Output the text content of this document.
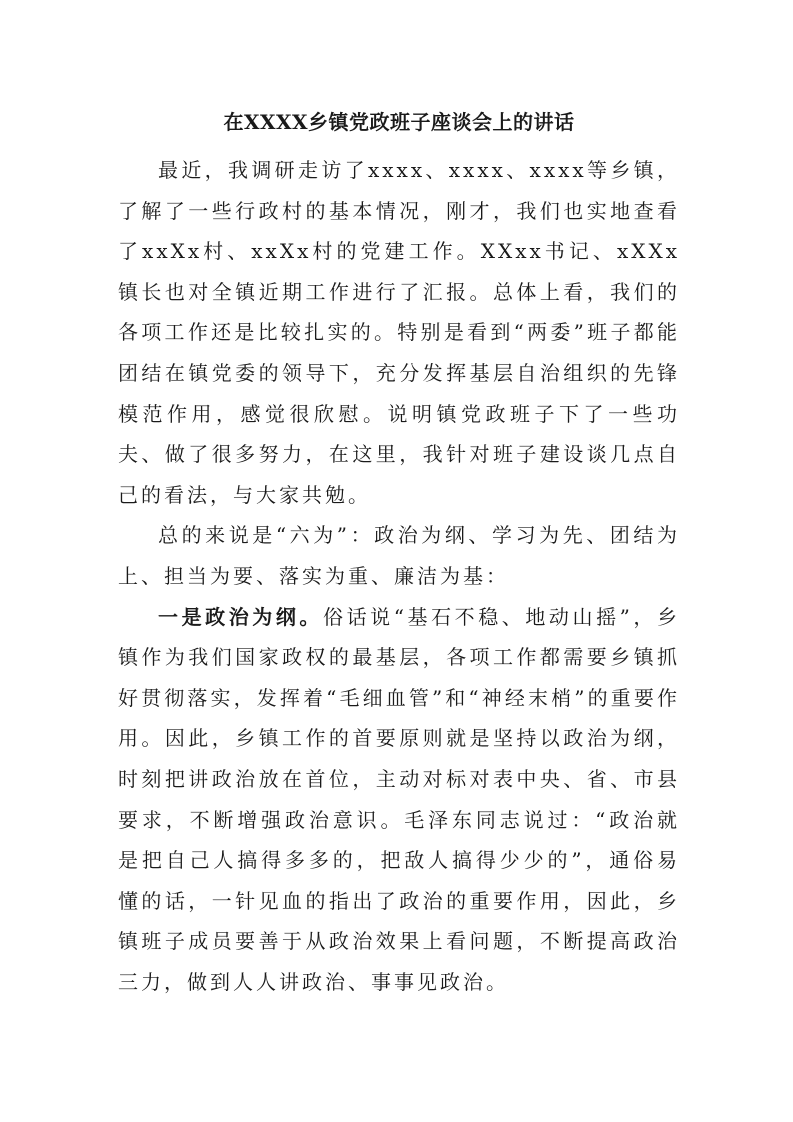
在XXXX乡镇党政班子座谈会上的讲话

最近，我调研走访了xxxx、xxxx、xxxx等乡镇，了解了一些行政村的基本情况，刚才，我们也实地查看了xxXx村、xxXx村的党建工作。XXxx书记、xXXx镇长也对全镇近期工作进行了汇报。总体上看，我们的各项工作还是比较扎实的。特别是看到“两委”班子都能团结在镇党委的领导下，充分发挥基层自治组织的先锋模范作用，感觉很欣慰。说明镇党政班子下了一些功夫、做了很多努力，在这里，我针对班子建设谈几点自己的看法，与大家共勉。

总的来说是“六为”：政治为纲、学习为先、团结为上、担当为要、落实为重、廉洁为基：

一是政治为纲。俗话说“基石不稳、地动山摇”，乡镇作为我们国家政权的最基层，各项工作都需要乡镇抓好贯彻落实，发挥着“毛细血管”和“神经末梢”的重要作用。因此，乡镇工作的首要原则就是坚持以政治为纲，时刻把讲政治放在首位，主动对标对表中央、省、市县要求，不断增强政治意识。毛泽东同志说过：“政治就是把自己人搞得多多的，把敌人搞得少少的”，通俗易懂的话，一针见血的指出了政治的重要作用，因此，乡镇班子成员要善于从政治效果上看问题，不断提高政治三力，做到人人讲政治、事事见政治。
